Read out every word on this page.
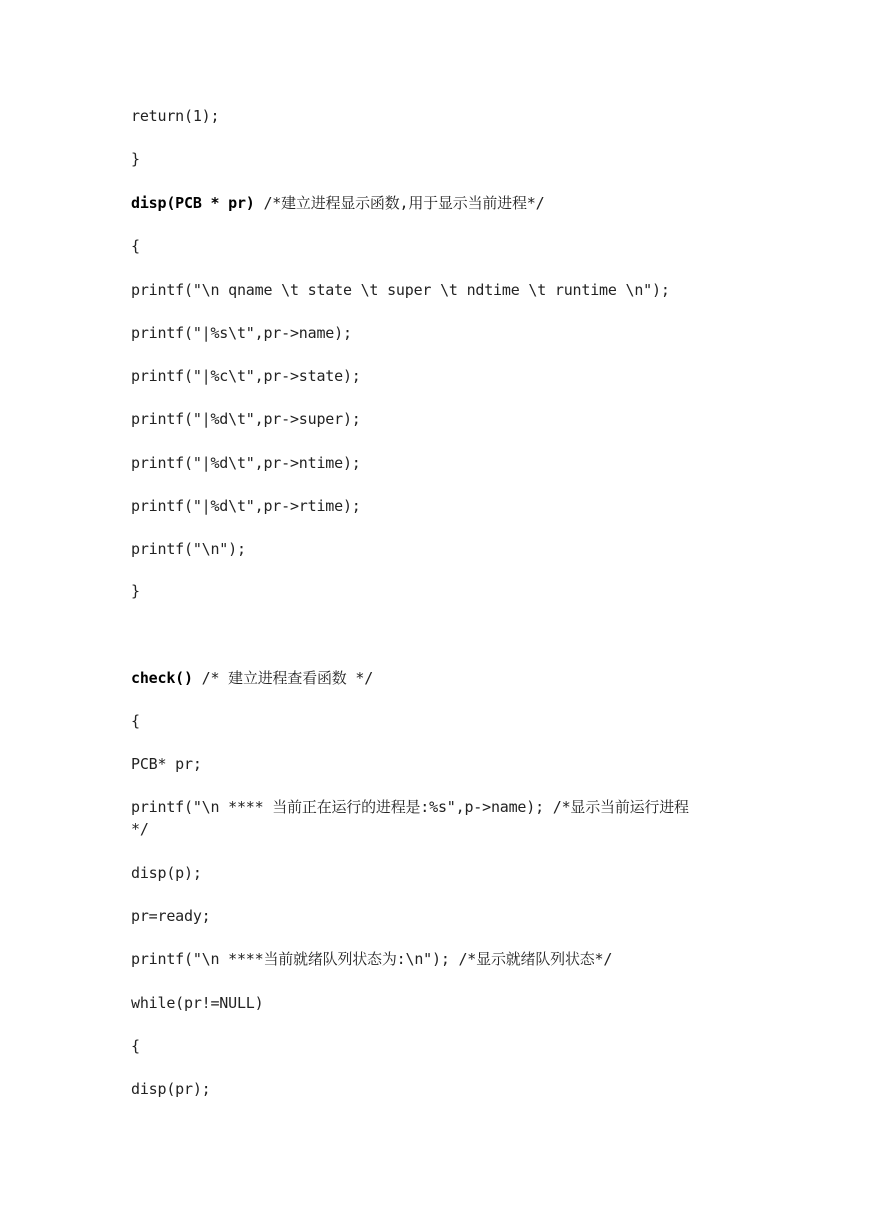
return(1);
}
disp(PCB * pr) /*建立进程显示函数,用于显示当前进程*/
{
printf("\n qname \t state \t super \t ndtime \t runtime \n");
printf("|%s\t",pr->name);
printf("|%c\t",pr->state);
printf("|%d\t",pr->super);
printf("|%d\t",pr->ntime);
printf("|%d\t",pr->rtime);
printf("\n");
}
check() /* 建立进程查看函数 */
{
PCB* pr;
printf("\n **** 当前正在运行的进程是:%s",p->name); /*显示当前运行进程
*/
disp(p);
pr=ready;
printf("\n ****当前就绪队列状态为:\n"); /*显示就绪队列状态*/
while(pr!=NULL)
{
disp(pr);
